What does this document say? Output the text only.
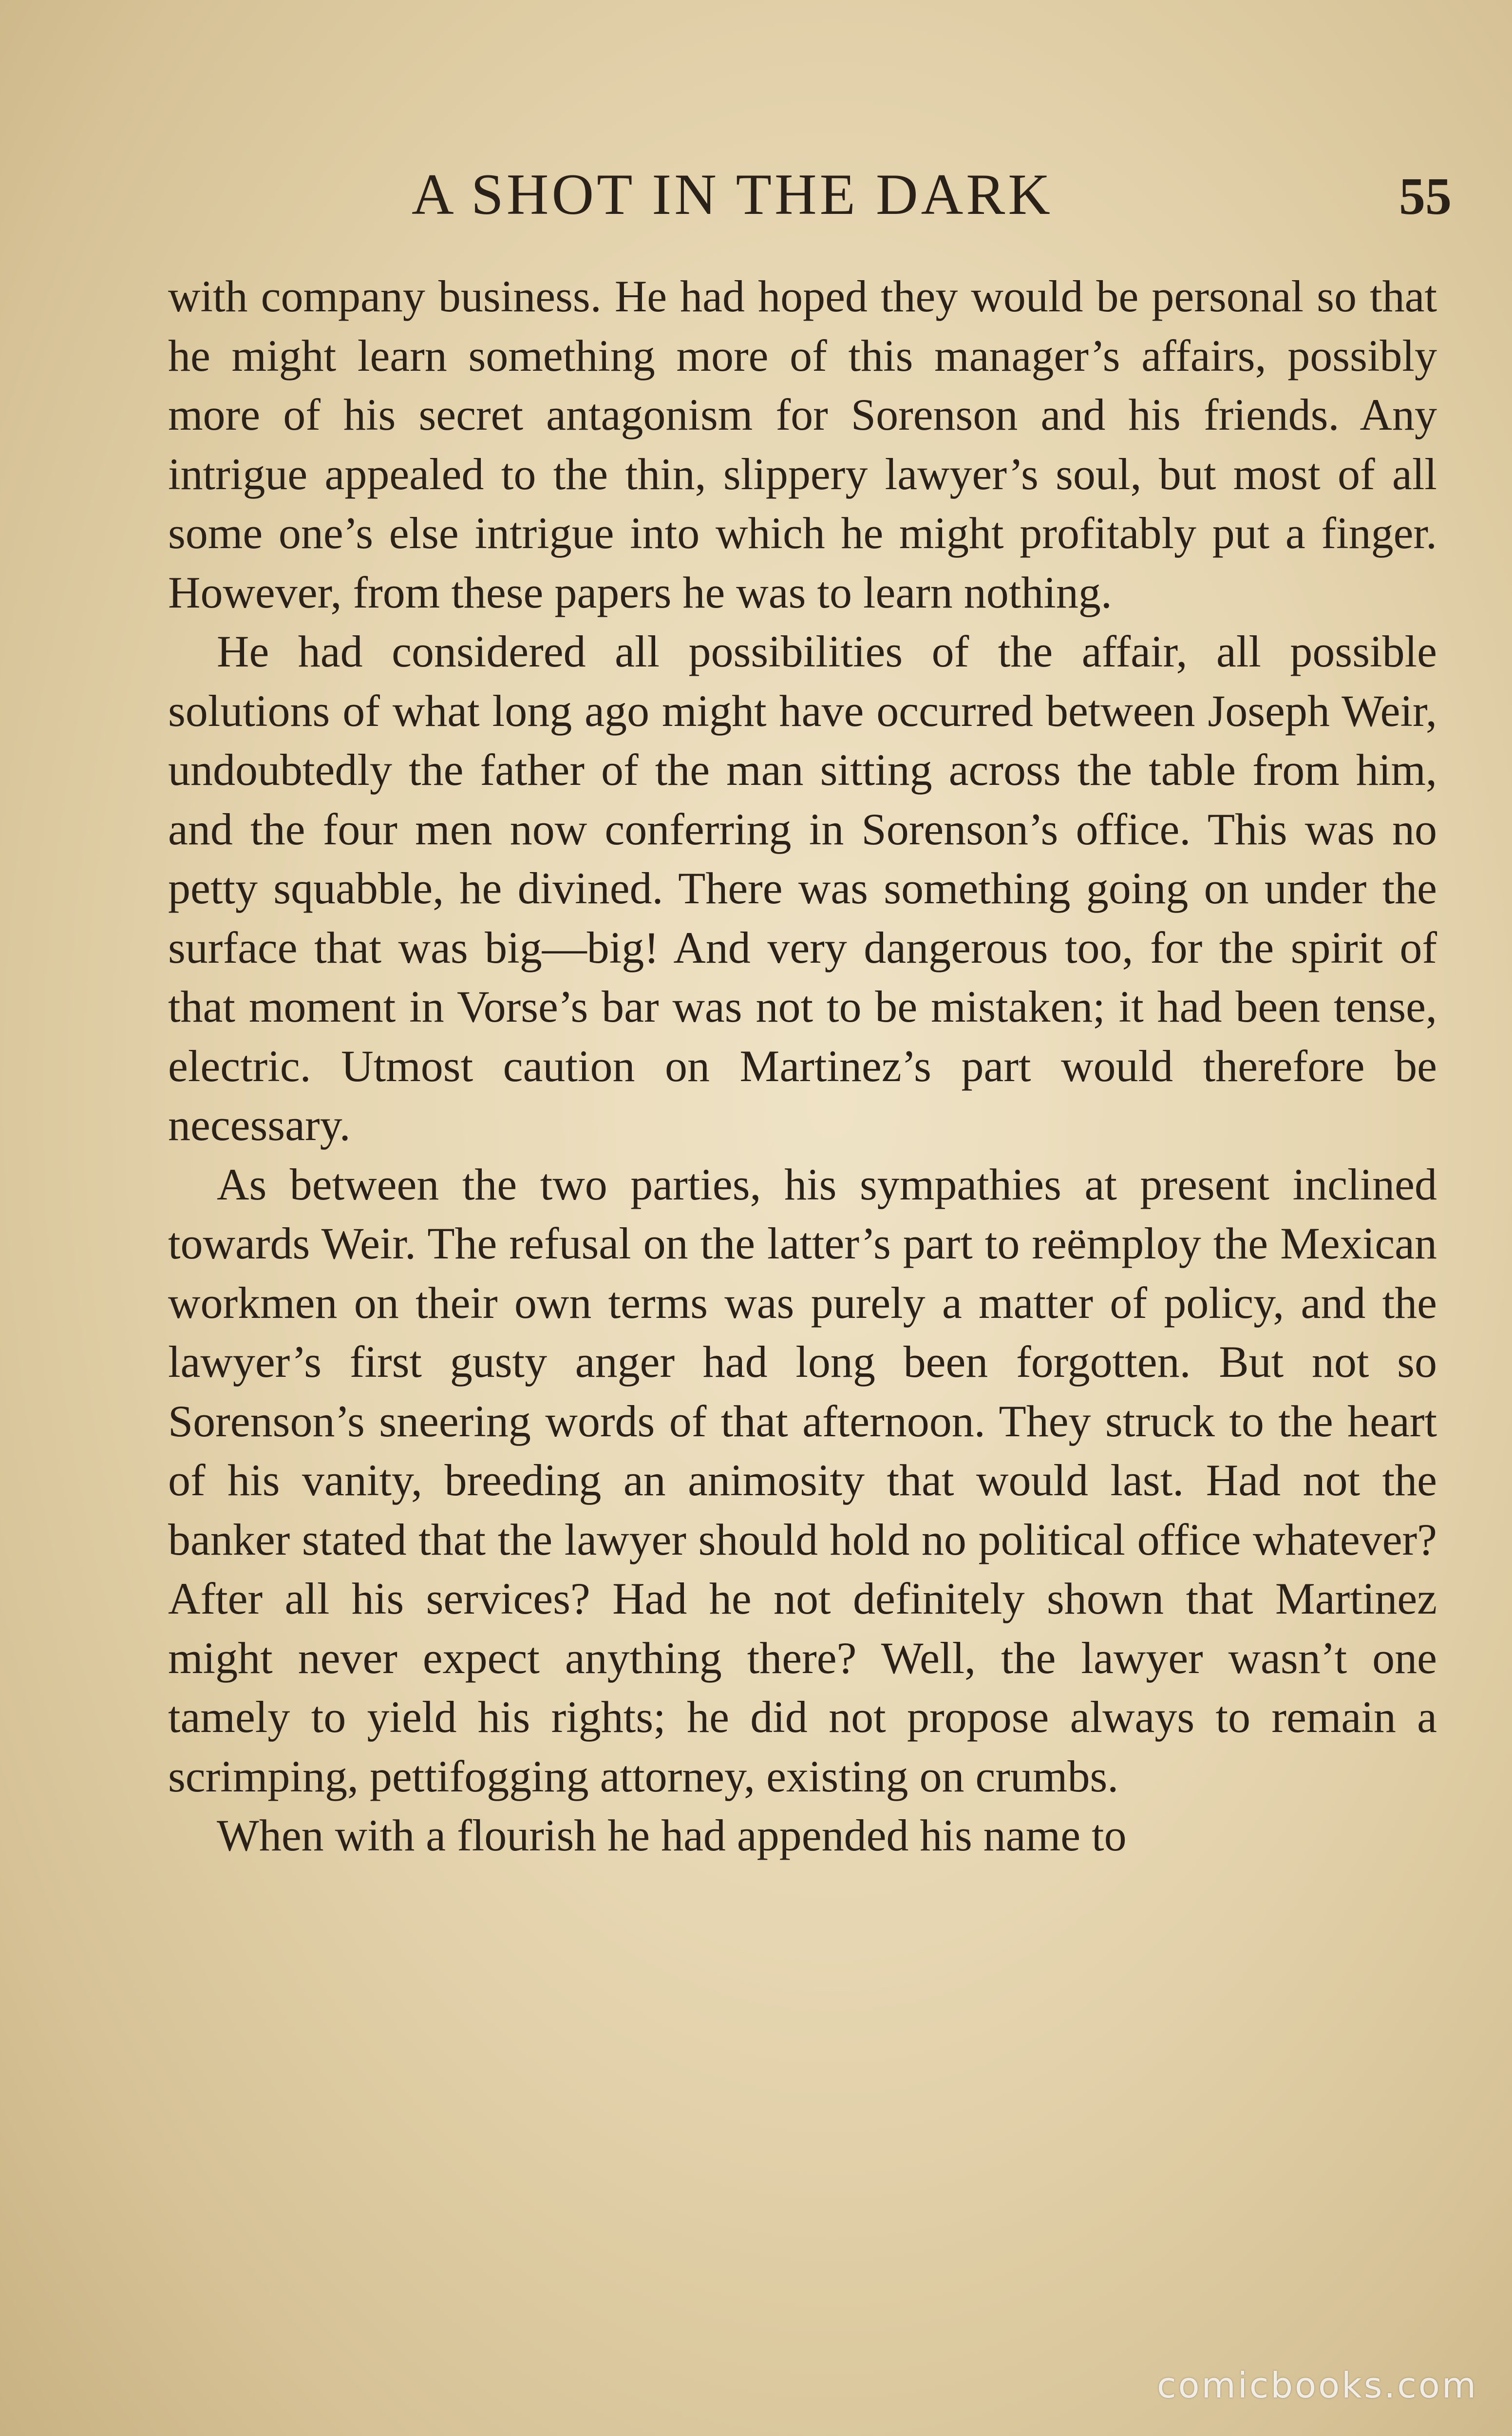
A SHOT IN THE DARK	55

with company business. He had hoped they would be personal so that he might learn something more of this manager’s affairs, possibly more of his secret antagonism for Sorenson and his friends. Any intrigue appealed to the thin, slippery lawyer’s soul, but most of all some one’s else intrigue into which he might profitably put a finger. However, from these papers he was to learn nothing.

He had considered all possibilities of the affair, all possible solutions of what long ago might have occurred between Joseph Weir, undoubtedly the father of the man sitting across the table from him, and the four men now conferring in Sorenson’s office. This was no petty squabble, he divined. There was something going on under the surface that was big—big! And very dangerous too, for the spirit of that moment in Vorse’s bar was not to be mistaken; it had been tense, electric. Utmost caution on Martinez’s part would therefore be necessary.

As between the two parties, his sympathies at present inclined towards Weir. The refusal on the latter’s part to reëmploy the Mexican workmen on their own terms was purely a matter of policy, and the lawyer’s first gusty anger had long been forgotten. But not so Sorenson’s sneering words of that afternoon. They struck to the heart of his vanity, breeding an animosity that would last. Had not the banker stated that the lawyer should hold no political office whatever? After all his services? Had he not definitely shown that Martinez might never expect anything there? Well, the lawyer wasn’t one tamely to yield his rights; he did not propose always to remain a scrimping, pettifogging attorney, existing on crumbs.

When with a flourish he had appended his name to

comicbooks.com
